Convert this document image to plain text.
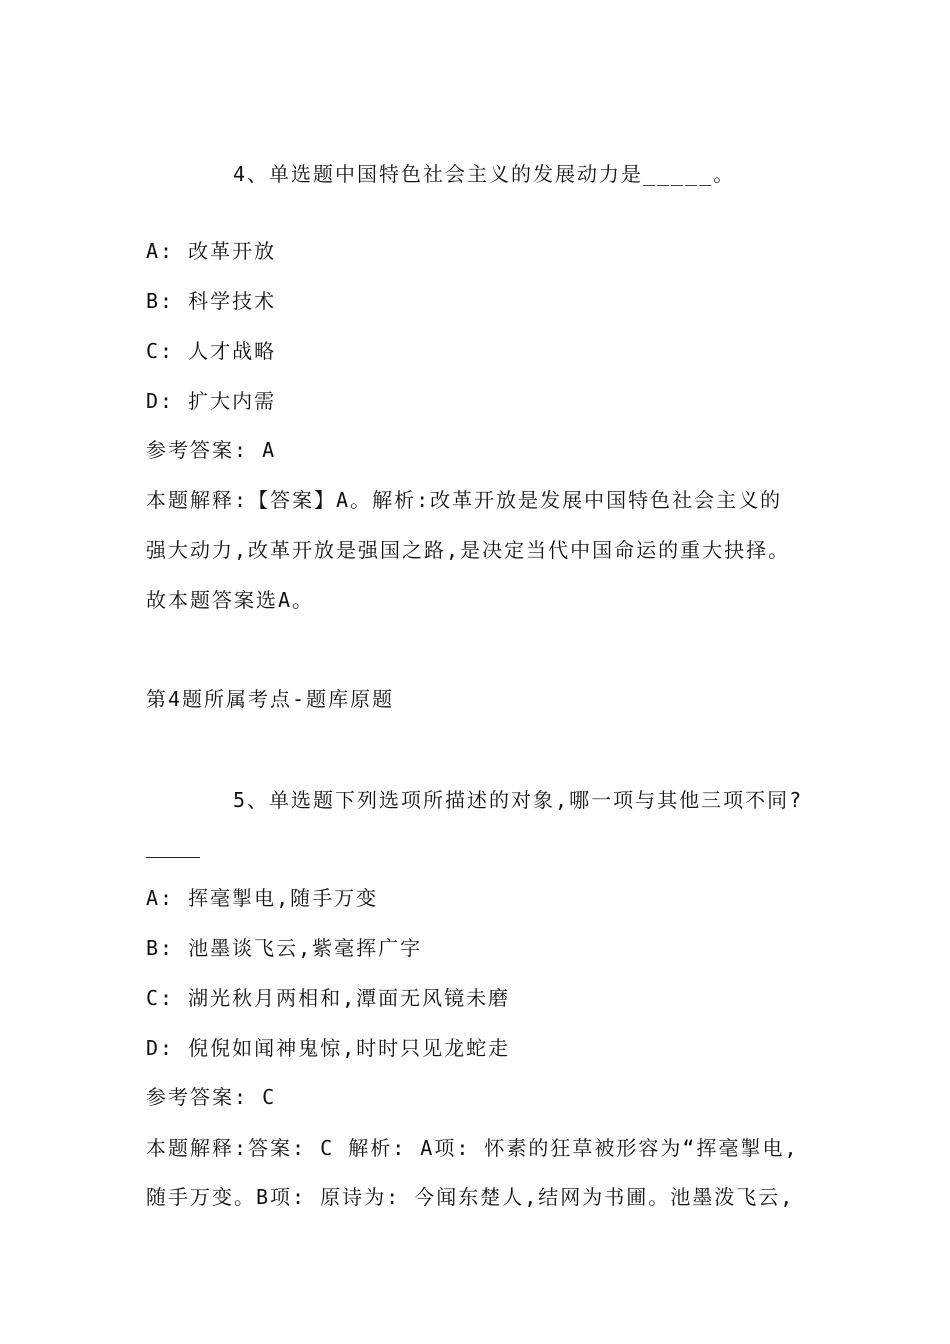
4、单选题中国特色社会主义的发展动力是_____。
A: 改革开放
B: 科学技术
C: 人才战略
D: 扩大内需
参考答案: A
本题解释:【答案】A。解析:改革开放是发展中国特色社会主义的
强大动力,改革开放是强国之路,是决定当代中国命运的重大抉择。
故本题答案选A。
第4题所属考点-题库原题
5、单选题下列选项所描述的对象,哪一项与其他三项不同?
A: 挥毫掣电,随手万变
B: 池墨谈飞云,紫毫挥广字
C: 湖光秋月两相和,潭面无风镜未磨
D: 倪倪如闻神鬼惊,时时只见龙蛇走
参考答案: C
本题解释:答案: C 解析: A项: 怀素的狂草被形容为“挥毫掣电,
随手万变。B项: 原诗为: 今闻东楚人,结网为书圃。池墨泼飞云,
